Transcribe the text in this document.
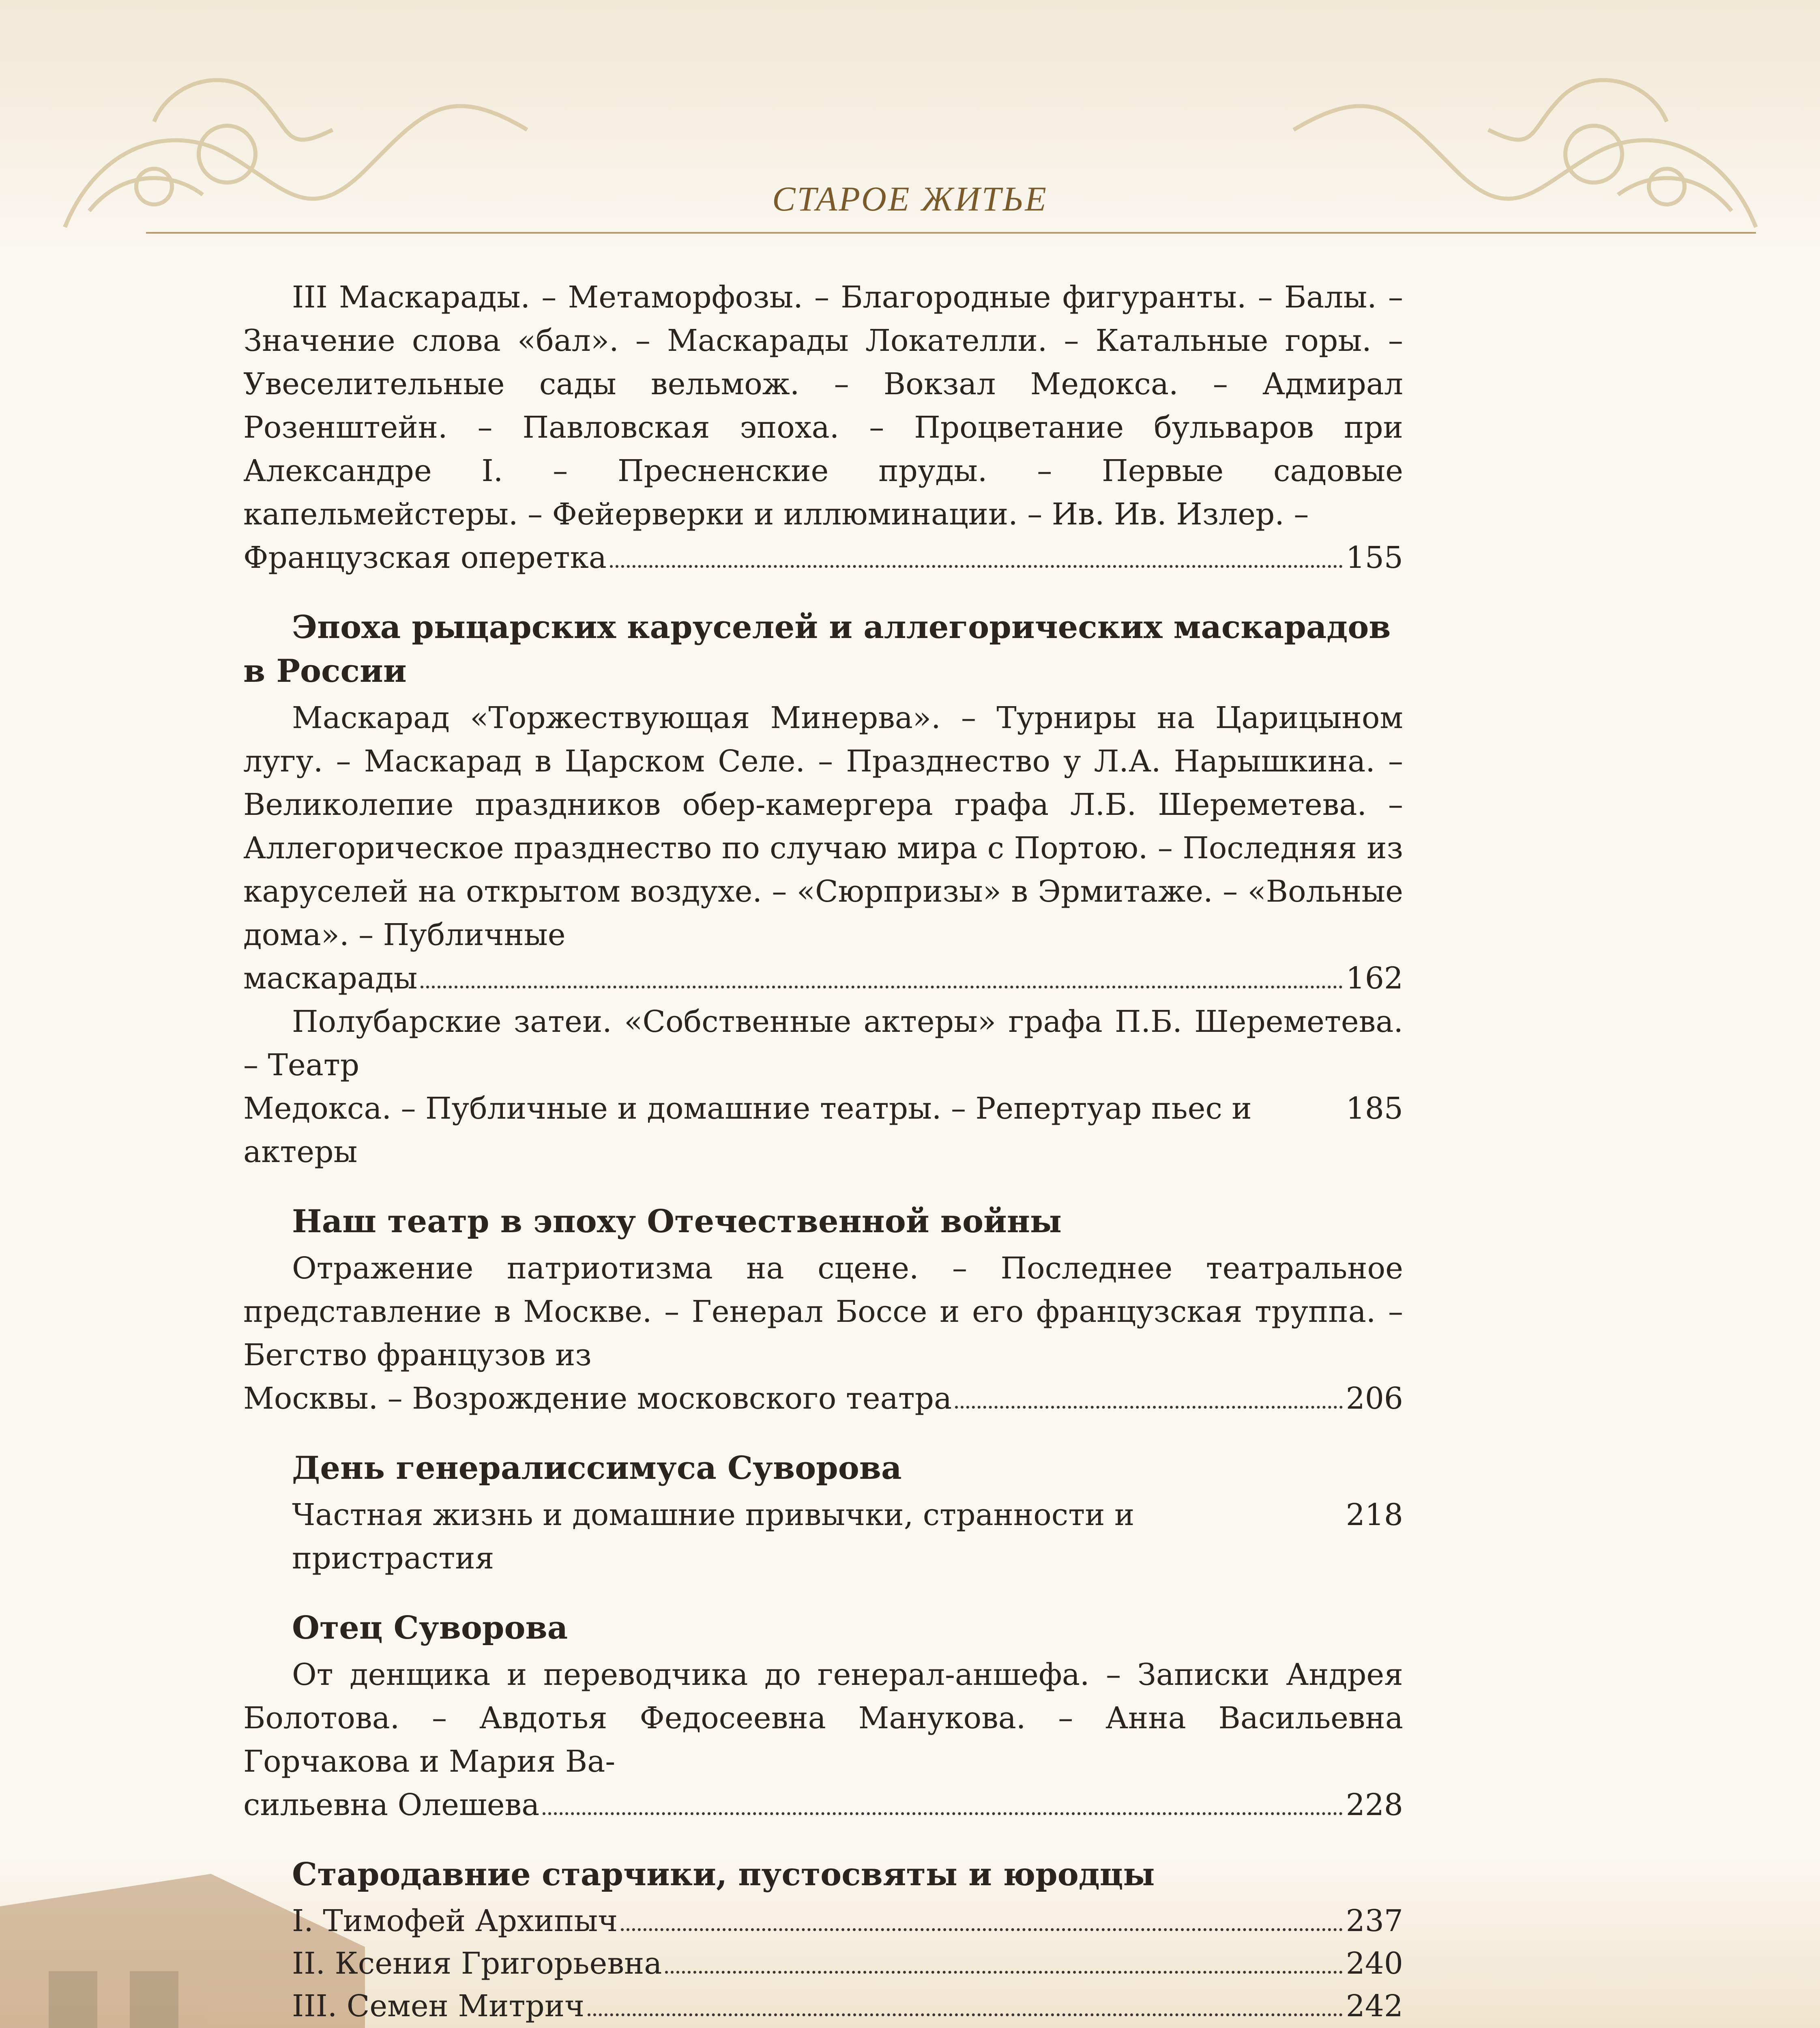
СТАРОЕ ЖИТЬЕ

III Маскарады. – Метаморфозы. – Благородные фигуранты. – Балы. – Значение слова «бал». – Маскарады Локателли. – Катальные горы. – Увеселительные сады вельмож. – Вокзал Медокса. – Адмирал Розенштейн. – Павловская эпоха. – Процветание бульваров при Александре I. – Пресненские пруды. – Первые садовые капельмейстеры. – Фейерверки и иллюминации. – Ив. Ив. Излер. –

Французская оперетка	155
Эпоха рыцарских каруселей и аллегорических маскарадов в России

Маскарад «Торжествующая Минерва». – Турниры на Царицыном лугу. – Маскарад в Царском Селе. – Празднество у Л.А. Нарышкина. – Великолепие праздников обер-камергера графа Л.Б. Шереметева. – Аллегорическое празднество по случаю мира с Портою. – Последняя из каруселей на открытом воздухе. – «Сюрпризы» в Эрмитаже. – «Вольные дома». – Публичные

маскарады	162

Полубарские затеи. «Собственные актеры» графа П.Б. Шереметева. – Театр

Медокса. – Публичные и домашние театры. – Репертуар пьес и актеры
185
Наш театр в эпоху Отечественной войны

Отражение патриотизма на сцене. – Последнее театральное представление в Москве. – Генерал Боссе и его французская труппа. – Бегство французов из

Москвы. – Возрождение московского театра	206
День генералиссимуса Суворова
Частная жизнь и домашние привычки, странности и пристрастия
218
Отец Суворова

От денщика и переводчика до генерал-аншефа. – Записки Андрея Болотова. – Авдотья Федосеевна Манукова. – Анна Васильевна Горчакова и Мария Ва-

сильевна Олешева	228
Стародавние старчики, пустосвяты и юродцы
I. Тимофей Архипыч	237
II. Ксения Григорьевна	240
III. Семен Митрич	242
